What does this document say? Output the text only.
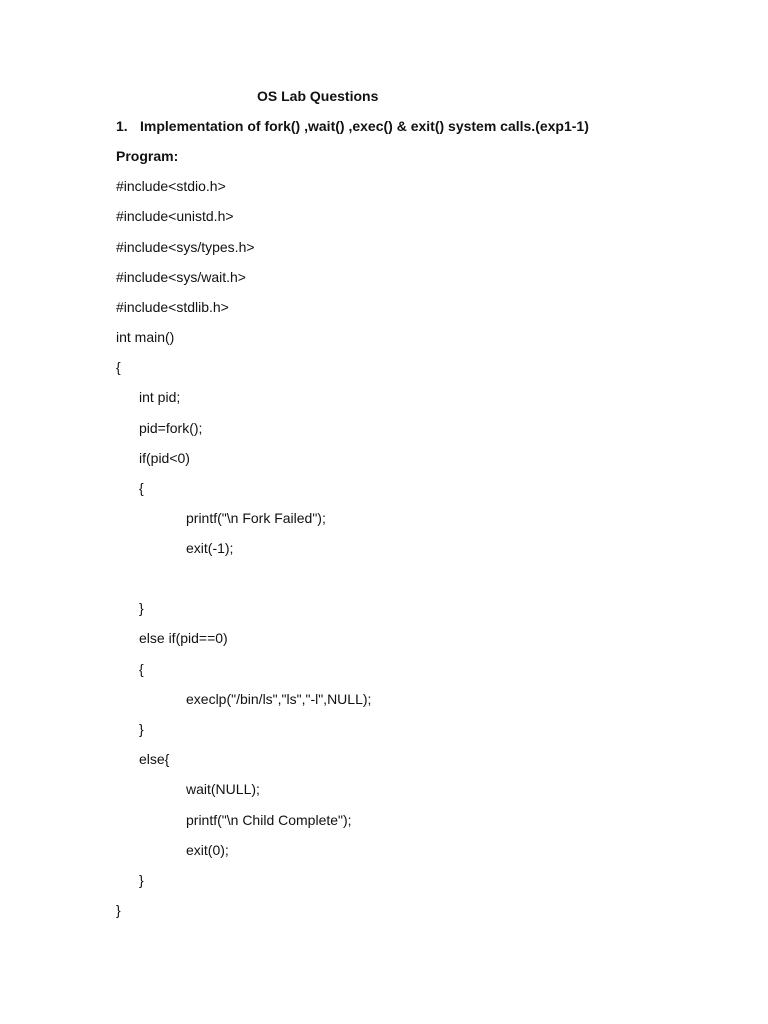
OS Lab Questions
1. Implementation of fork() ,wait() ,exec() & exit() system calls.(exp1-1)
Program:
#include<stdio.h>
#include<unistd.h>
#include<sys/types.h>
#include<sys/wait.h>
#include<stdlib.h>
int main()
{
int pid;
pid=fork();
if(pid<0)
{
printf("\n Fork Failed");
exit(-1);
}
else if(pid==0)
{
execlp("/bin/ls","ls","-l",NULL);
}
else{
wait(NULL);
printf("\n Child Complete");
exit(0);
}
}
